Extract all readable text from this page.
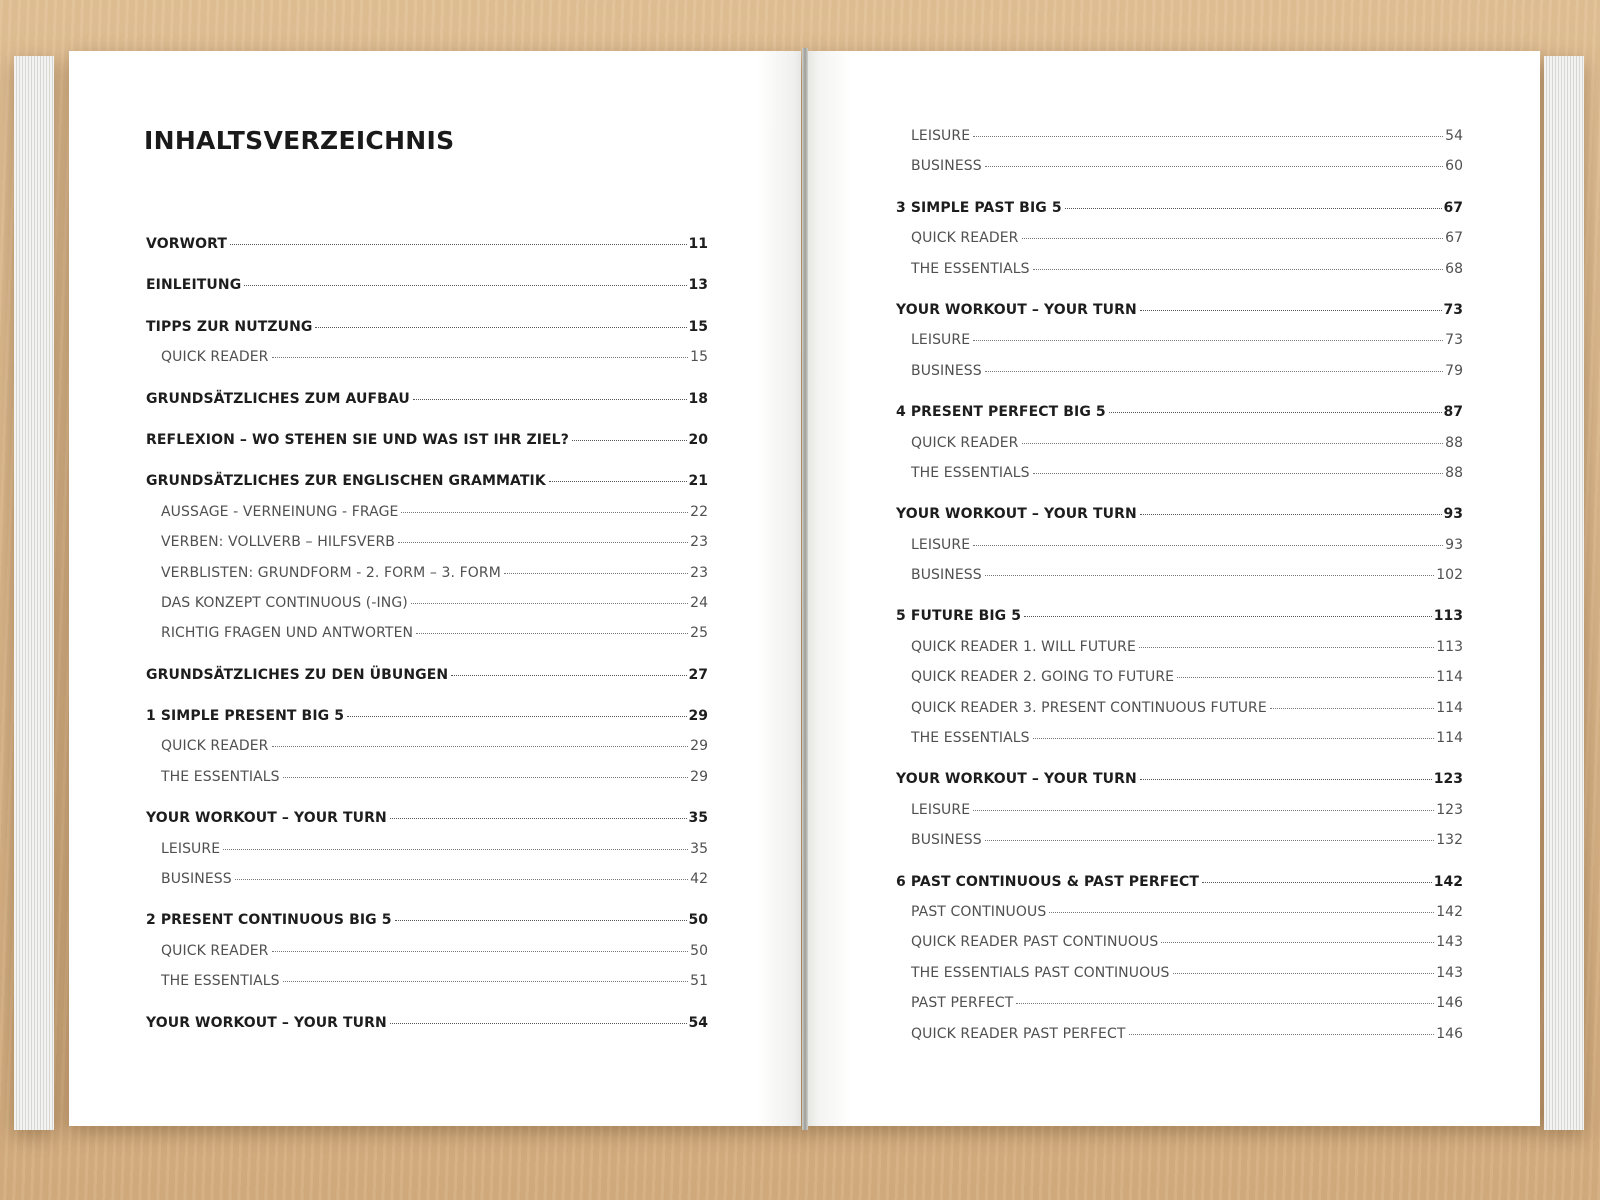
INHALTSVERZEICHNIS
VORWORT	11
EINLEITUNG	13
TIPPS ZUR NUTZUNG	15
QUICK READER	15
GRUNDSÄTZLICHES ZUM AUFBAU	18
REFLEXION – WO STEHEN SIE UND WAS IST IHR ZIEL?	20
GRUNDSÄTZLICHES ZUR ENGLISCHEN GRAMMATIK	21
AUSSAGE - VERNEINUNG - FRAGE	22
VERBEN: VOLLVERB – HILFSVERB	23
VERBLISTEN: GRUNDFORM - 2. FORM – 3. FORM	23
DAS KONZEPT CONTINUOUS (-ING)	24
RICHTIG FRAGEN UND ANTWORTEN	25
GRUNDSÄTZLICHES ZU DEN ÜBUNGEN	27
1 SIMPLE PRESENT BIG 5	29
QUICK READER	29
THE ESSENTIALS	29
YOUR WORKOUT – YOUR TURN	35
LEISURE	35
BUSINESS	42
2 PRESENT CONTINUOUS BIG 5	50
QUICK READER	50
THE ESSENTIALS	51
YOUR WORKOUT – YOUR TURN	54
LEISURE	54
BUSINESS	60
3 SIMPLE PAST BIG 5	67
QUICK READER	67
THE ESSENTIALS	68
YOUR WORKOUT – YOUR TURN	73
LEISURE	73
BUSINESS	79
4 PRESENT PERFECT BIG 5	87
QUICK READER	88
THE ESSENTIALS	88
YOUR WORKOUT – YOUR TURN	93
LEISURE	93
BUSINESS	102
5 FUTURE BIG 5	113
QUICK READER 1. WILL FUTURE	113
QUICK READER 2. GOING TO FUTURE	114
QUICK READER 3. PRESENT CONTINUOUS FUTURE	114
THE ESSENTIALS	114
YOUR WORKOUT – YOUR TURN	123
LEISURE	123
BUSINESS	132
6 PAST CONTINUOUS & PAST PERFECT	142
PAST CONTINUOUS	142
QUICK READER PAST CONTINUOUS	143
THE ESSENTIALS PAST CONTINUOUS	143
PAST PERFECT	146
QUICK READER PAST PERFECT	146
